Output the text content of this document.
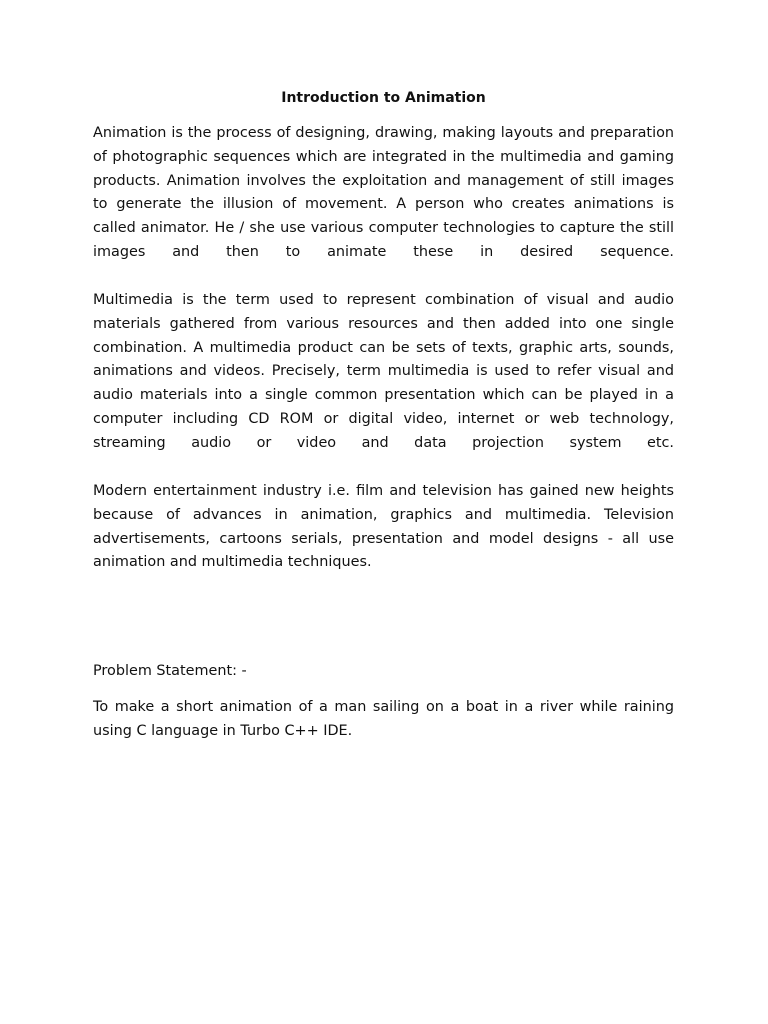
Introduction to Animation

Animation is the process of designing, drawing, making layouts and preparation of photographic sequences which are integrated in the multimedia and gaming products. Animation involves the exploitation and management of still images to generate the illusion of movement. A person who creates animations is called animator. He / she use various computer technologies to capture the still images and then to animate these in desired sequence.

Multimedia is the term used to represent combination of visual and audio materials gathered from various resources and then added into one single combination. A multimedia product can be sets of texts, graphic arts, sounds, animations and videos. Precisely, term multimedia is used to refer visual and audio materials into a single common presentation which can be played in a computer including CD ROM or digital video, internet or web technology, streaming audio or video and data projection system etc.

Modern entertainment industry i.e. film and television has gained new heights because of advances in animation, graphics and multimedia. Television advertisements, cartoons serials, presentation and model designs - all use animation and multimedia techniques.

Problem Statement: -

To make a short animation of a man sailing on a boat in a river while raining using C language in Turbo C++ IDE.
